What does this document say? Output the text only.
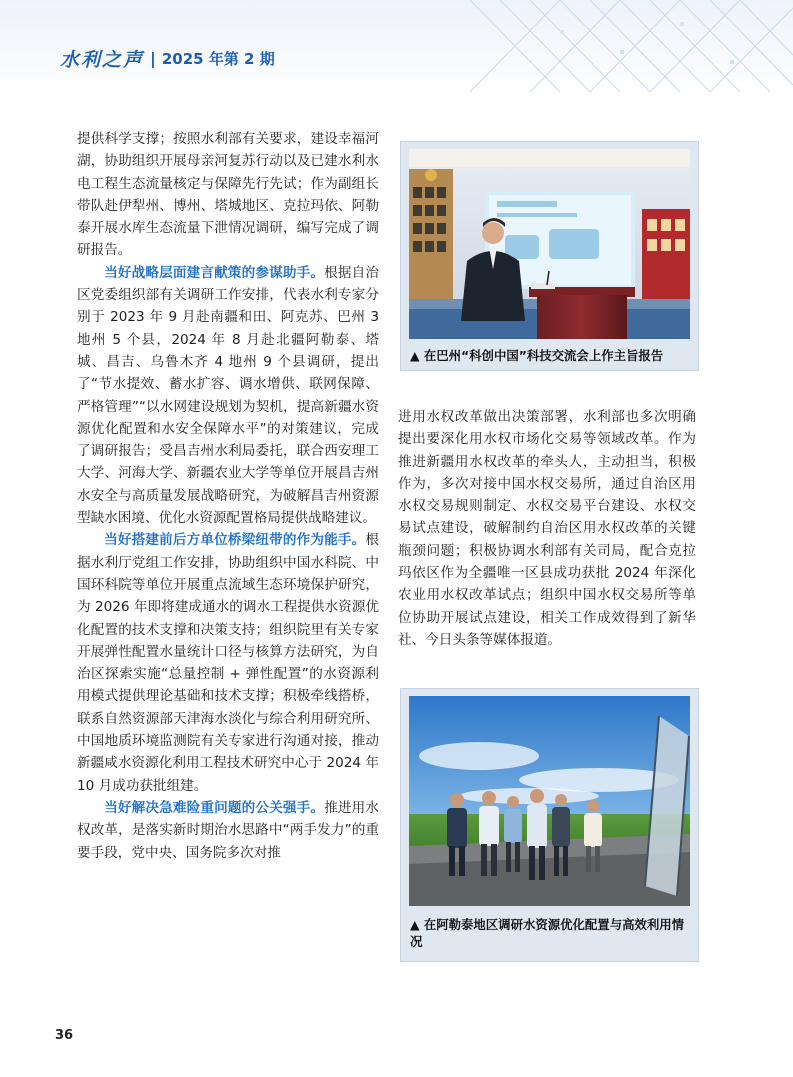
水利之声 | 2025 年第 2 期

提供科学支撑；按照水利部有关要求，建设幸福河湖，协助组织开展母亲河复苏行动以及已建水利水电工程生态流量核定与保障先行先试；作为副组长带队赴伊犁州、博州、塔城地区、克拉玛依、阿勒泰开展水库生态流量下泄情况调研，编写完成了调研报告。

当好战略层面建言献策的参谋助手。根据自治区党委组织部有关调研工作安排，代表水利专家分别于 2023 年 9 月赴南疆和田、阿克苏、巴州 3 地州 5 个县，2024 年 8 月赴北疆阿勒泰、塔城、昌吉、乌鲁木齐 4 地州 9 个县调研，提出了“节水提效、蓄水扩容、调水增供、联网保障、严格管理”“以水网建设规划为契机，提高新疆水资源优化配置和水安全保障水平”的对策建议，完成了调研报告；受昌吉州水利局委托，联合西安理工大学、河海大学、新疆农业大学等单位开展昌吉州水安全与高质量发展战略研究，为破解昌吉州资源型缺水困境、优化水资源配置格局提供战略建议。

当好搭建前后方单位桥梁纽带的作为能手。根据水利厅党组工作安排，协助组织中国水科院、中国环科院等单位开展重点流域生态环境保护研究，为 2026 年即将建成通水的调水工程提供水资源优化配置的技术支撑和决策支持；组织院里有关专家开展弹性配置水量统计口径与核算方法研究，为自治区探索实施“总量控制 + 弹性配置”的水资源利用模式提供理论基础和技术支撑；积极牵线搭桥，联系自然资源部天津海水淡化与综合利用研究所、中国地质环境监测院有关专家进行沟通对接，推动新疆咸水资源化利用工程技术研究中心于 2024 年 10 月成功获批组建。

当好解决急难险重问题的公关强手。推进用水权改革，是落实新时期治水思路中“两手发力”的重要手段，党中央、国务院多次对推

▲ 在巴州“科创中国”科技交流会上作主旨报告

进用水权改革做出决策部署，水利部也多次明确提出要深化用水权市场化交易等领域改革。作为推进新疆用水权改革的牵头人，主动担当，积极作为，多次对接中国水权交易所，通过自治区用水权交易规则制定、水权交易平台建设、水权交易试点建设，破解制约自治区用水权改革的关键瓶颈问题；积极协调水利部有关司局，配合克拉玛依区作为全疆唯一区县成功获批 2024 年深化农业用水权改革试点；组织中国水权交易所等单位协助开展试点建设，相关工作成效得到了新华社、今日头条等媒体报道。

▲ 在阿勒泰地区调研水资源优化配置与高效利用情况
36
